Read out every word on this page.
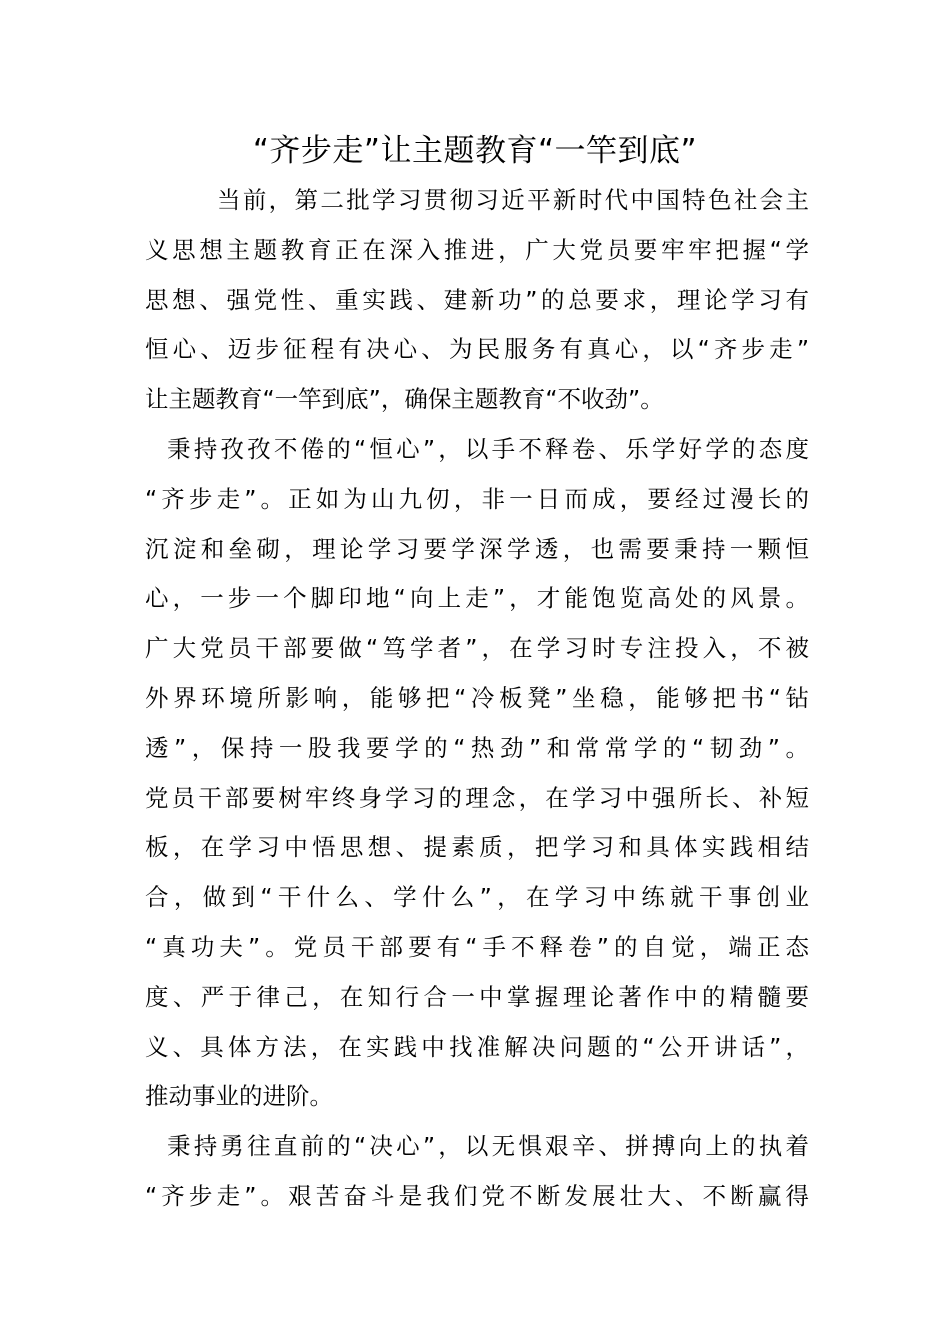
“齐步走”让主题教育“一竿到底”
当前，第二批学习贯彻习近平新时代中国特色社会主
义思想主题教育正在深入推进，广大党员要牢牢把握“学
思想、强党性、重实践、建新功”的总要求，理论学习有
恒心、迈步征程有决心、为民服务有真心，以“齐步走”
让主题教育“一竿到底”，确保主题教育“不收劲”。
秉持孜孜不倦的“恒心”，以手不释卷、乐学好学的态度
“齐步走”。正如为山九仞，非一日而成，要经过漫长的
沉淀和垒砌，理论学习要学深学透，也需要秉持一颗恒
心，一步一个脚印地“向上走”，才能饱览高处的风景。
广大党员干部要做“笃学者”，在学习时专注投入，不被
外界环境所影响，能够把“冷板凳”坐稳，能够把书“钻
透”，保持一股我要学的“热劲”和常常学的“韧劲”。
党员干部要树牢终身学习的理念，在学习中强所长、补短
板，在学习中悟思想、提素质，把学习和具体实践相结
合，做到“干什么、学什么”，在学习中练就干事创业
“真功夫”。党员干部要有“手不释卷”的自觉，端正态
度、严于律己，在知行合一中掌握理论著作中的精髓要
义、具体方法，在实践中找准解决问题的“公开讲话”，
推动事业的进阶。
秉持勇往直前的“决心”，以无惧艰辛、拼搏向上的执着
“齐步走”。艰苦奋斗是我们党不断发展壮大、不断赢得
